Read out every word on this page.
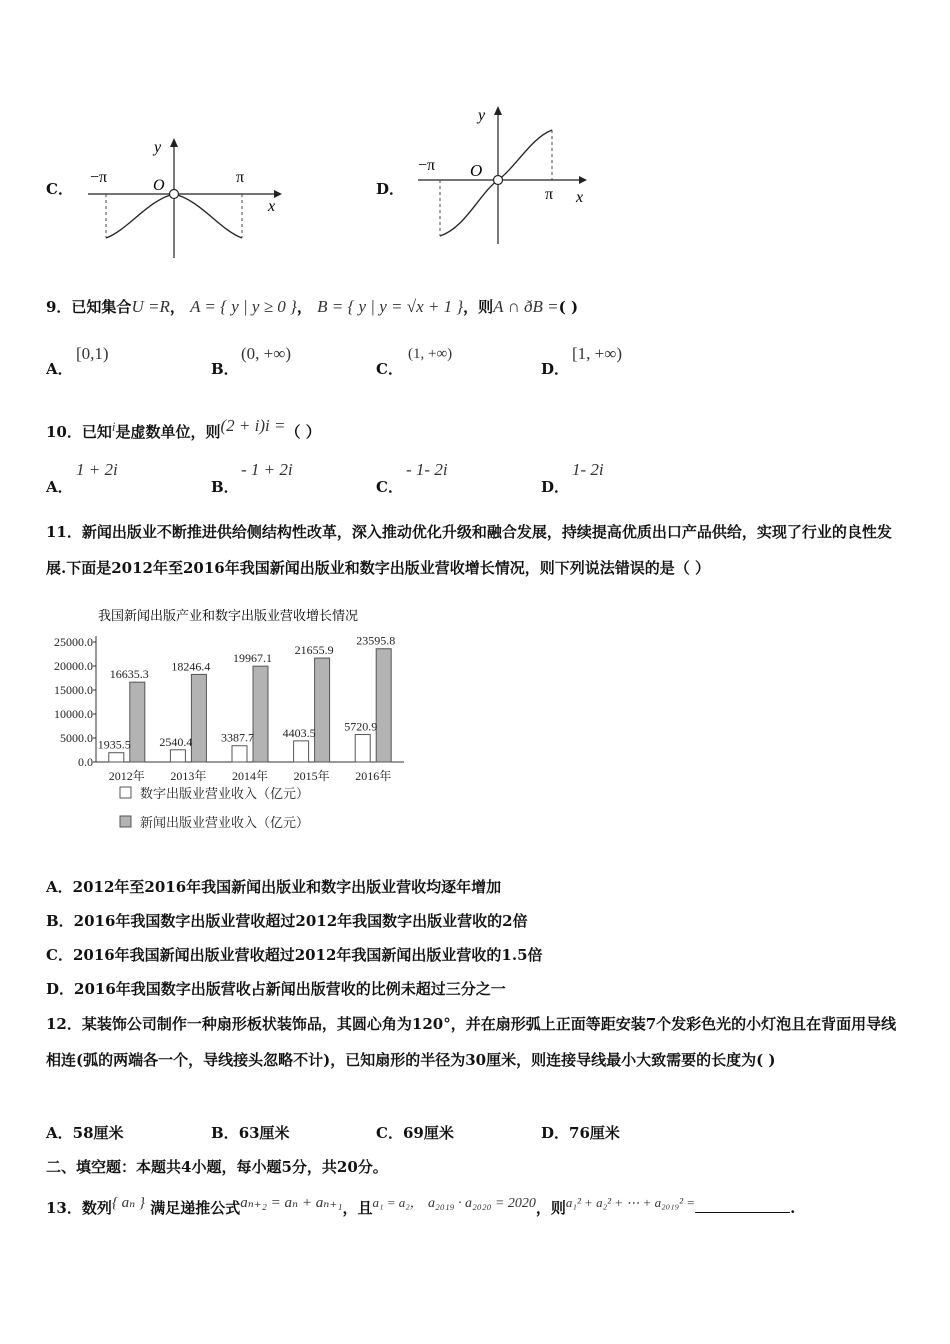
C．
y
x
O
−π	π
D．
y
x
O
−π
π
9．已知集合U =R， A = { y | y ≥ 0 }， B = { y | y = √x + 1 }，则A ∩ ðB =( )
A．
[0,1)
B．
(0, +∞)
C．
(1, +∞)
D．
[1, +∞)
10．已知$^i$是虚数单位，则$^{(2 + i)i =}$（ ）
A．
1 + 2i
B．
- 1 + 2i
C．
- 1- 2i
D．
1- 2i
11．新闻出版业不断推进供给侧结构性改革，深入推动优化升级和融合发展，持续提高优质出口产品供给，实现了行业的良性发展.下面是2012年至2016年我国新闻出版业和数字出版业营收增长情况，则下列说法错误的是（ ）
我国新闻出版产业和数字出版业营收增长情况
0.0
5000.0
10000.0
15000.0
20000.0
25000.0
1935.5
16635.3
2012年
2540.4
18246.4
2013年
3387.7
19967.1
2014年
4403.5
21655.9
2015年
5720.9
23595.8
2016年
数字出版业营业收入（亿元）
新闻出版业营业收入（亿元）
A．2012年至2016年我国新闻出版业和数字出版业营收均逐年增加
B．2016年我国数字出版业营收超过2012年我国数字出版业营收的2倍
C．2016年我国新闻出版业营收超过2012年我国新闻出版业营收的1.5倍
D．2016年我国数字出版营收占新闻出版营收的比例未超过三分之一
12．某装饰公司制作一种扇形板状装饰品，其圆心角为120°，并在扇形弧上正面等距安装7个发彩色光的小灯泡且在背面用导线相连(弧的两端各一个，导线接头忽略不计)，已知扇形的半径为30厘米，则连接导线最小大致需要的长度为( )
A．58厘米	B．63厘米	C．69厘米	D．76厘米
二、填空题：本题共4小题，每小题5分，共20分。
13．数列$^{\{ a_n \}}$ 满足递推公式$^{a_{n+2} = a_n + a_{n+1}}$，且$^{a_1 = a_2,}$ $^{a_{2019} \cdot a_{2020} = 2020}$，则$^{a_1^2 + a_2^2 + \cdots + a_{2019}^2 =}$	.
